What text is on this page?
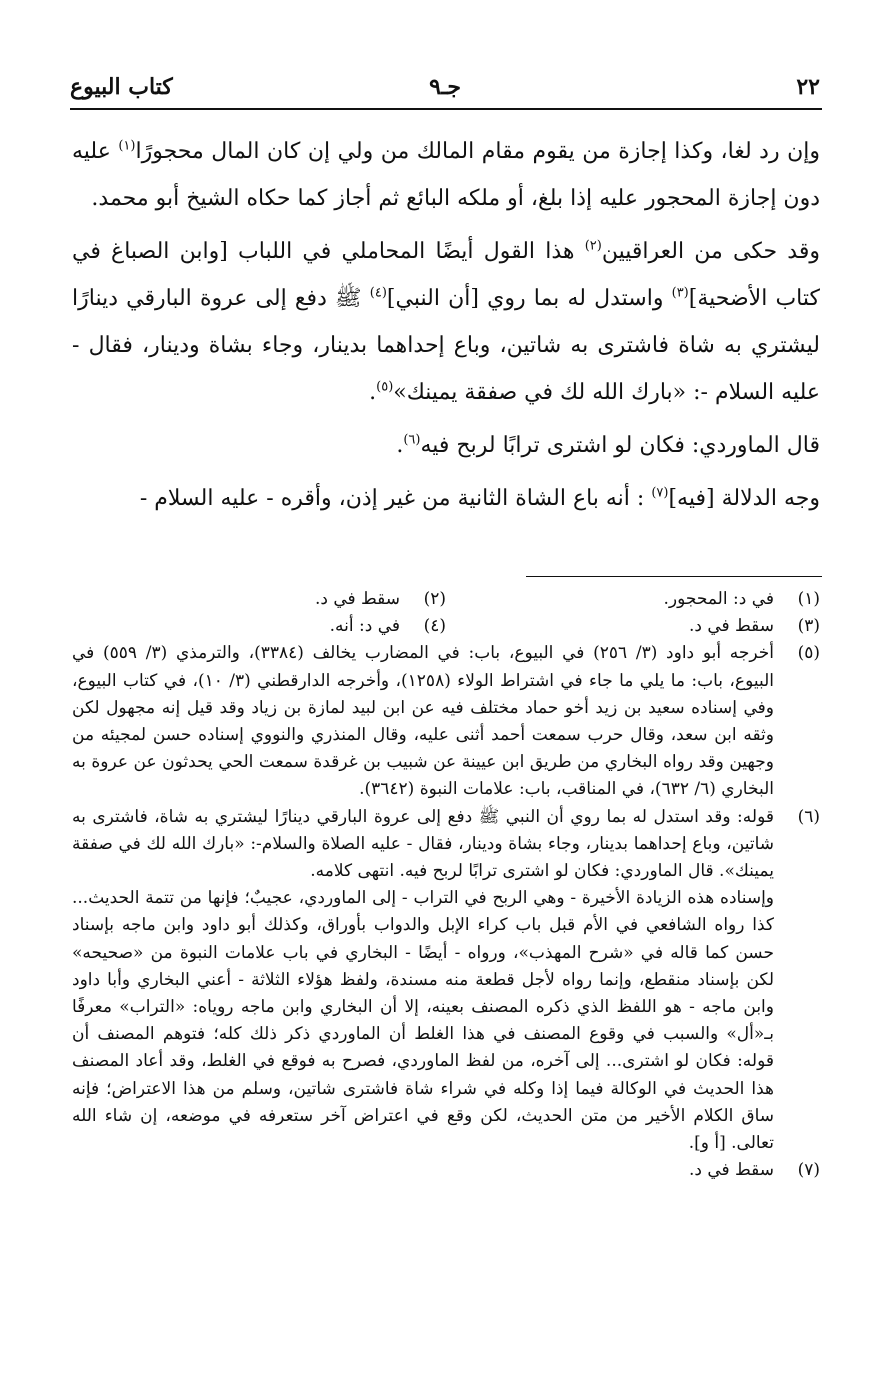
٢٢
جـ٩
كتاب البيوع

وإن رد لغا، وكذا إجازة من يقوم مقام المالك من ولي إن كان المال محجورًا$^{(١)}$ عليه دون إجازة المحجور عليه إذا بلغ، أو ملكه البائع ثم أجاز كما حكاه الشيخ أبو محمد.

وقد حكى من العراقيين$^{(٢)}$ هذا القول أيضًا المحاملي في اللباب [وابن الصباغ في كتاب الأضحية]$^{(٣)}$ واستدل له بما روي [أن النبي]$^{(٤)}$ ﷺ دفع إلى عروة البارقي دينارًا ليشتري به شاة فاشترى به شاتين، وباع إحداهما بدينار، وجاء بشاة ودينار، فقال - عليه السلام -: «بارك الله لك في صفقة يمينك»$^{(٥)}$.

قال الماوردي: فكان لو اشترى ترابًا لربح فيه$^{(٦)}$.

وجه الدلالة [فيه]$^{(٧)}$ : أنه باع الشاة الثانية من غير إذن، وأقره - عليه السلام -

(١)
في د: المحجور.
(٢)
سقط في د.
(٣)
سقط في د.
(٤)
في د: أنه.
(٥)

أخرجه أبو داود (٣/ ٢٥٦) في البيوع، باب: في المضارب يخالف (٣٣٨٤)، والترمذي (٣/ ٥٥٩) في البيوع، باب: ما يلي ما جاء في اشتراط الولاء (١٢٥٨)، وأخرجه الدارقطني (٣/ ١٠)، في كتاب البيوع، وفي إسناده سعيد بن زيد أخو حماد مختلف فيه عن ابن لبيد لمازة بن زياد وقد قيل إنه مجهول لكن وثقه ابن سعد، وقال حرب سمعت أحمد أثنى عليه، وقال المنذري والنووي إسناده حسن لمجيئه من وجهين وقد رواه البخاري من طريق ابن عيينة عن شبيب بن غرقدة سمعت الحي يحدثون عن عروة به البخاري (٦/ ٦٣٢)، في المناقب، باب: علامات النبوة (٣٦٤٢).

(٦)

قوله: وقد استدل له بما روي أن النبي ﷺ دفع إلى عروة البارقي دينارًا ليشتري به شاة، فاشترى به شاتين، وباع إحداهما بدينار، وجاء بشاة ودينار، فقال - عليه الصلاة والسلام-: «بارك الله لك في صفقة يمينك». قال الماوردي: فكان لو اشترى ترابًا لربح فيه. انتهى كلامه.

وإسناده هذه الزيادة الأخيرة - وهي الربح في التراب - إلى الماوردي، عجيبٌ؛ فإنها من تتمة الحديث... كذا رواه الشافعي في الأم قبل باب كراء الإبل والدواب بأوراق، وكذلك أبو داود وابن ماجه بإسناد حسن كما قاله في «شرح المهذب»، ورواه - أيضًا - البخاري في باب علامات النبوة من «صحيحه» لكن بإسناد منقطع، وإنما رواه لأجل قطعة منه مسندة، ولفظ هؤلاء الثلاثة - أعني البخاري وأبا داود وابن ماجه - هو اللفظ الذي ذكره المصنف بعينه، إلا أن البخاري وابن ماجه روياه: «التراب» معرفًا بـ«أل» والسبب في وقوع المصنف في هذا الغلط أن الماوردي ذكر ذلك كله؛ فتوهم المصنف أن قوله: فكان لو اشترى... إلى آخره، من لفظ الماوردي، فصرح به فوقع في الغلط، وقد أعاد المصنف هذا الحديث في الوكالة فيما إذا وكله في شراء شاة فاشترى شاتين، وسلم من هذا الاعتراض؛ فإنه ساق الكلام الأخير من متن الحديث، لكن وقع في اعتراض آخر ستعرفه في موضعه، إن شاء الله تعالى. [أ و].

(٧)

سقط في د.
